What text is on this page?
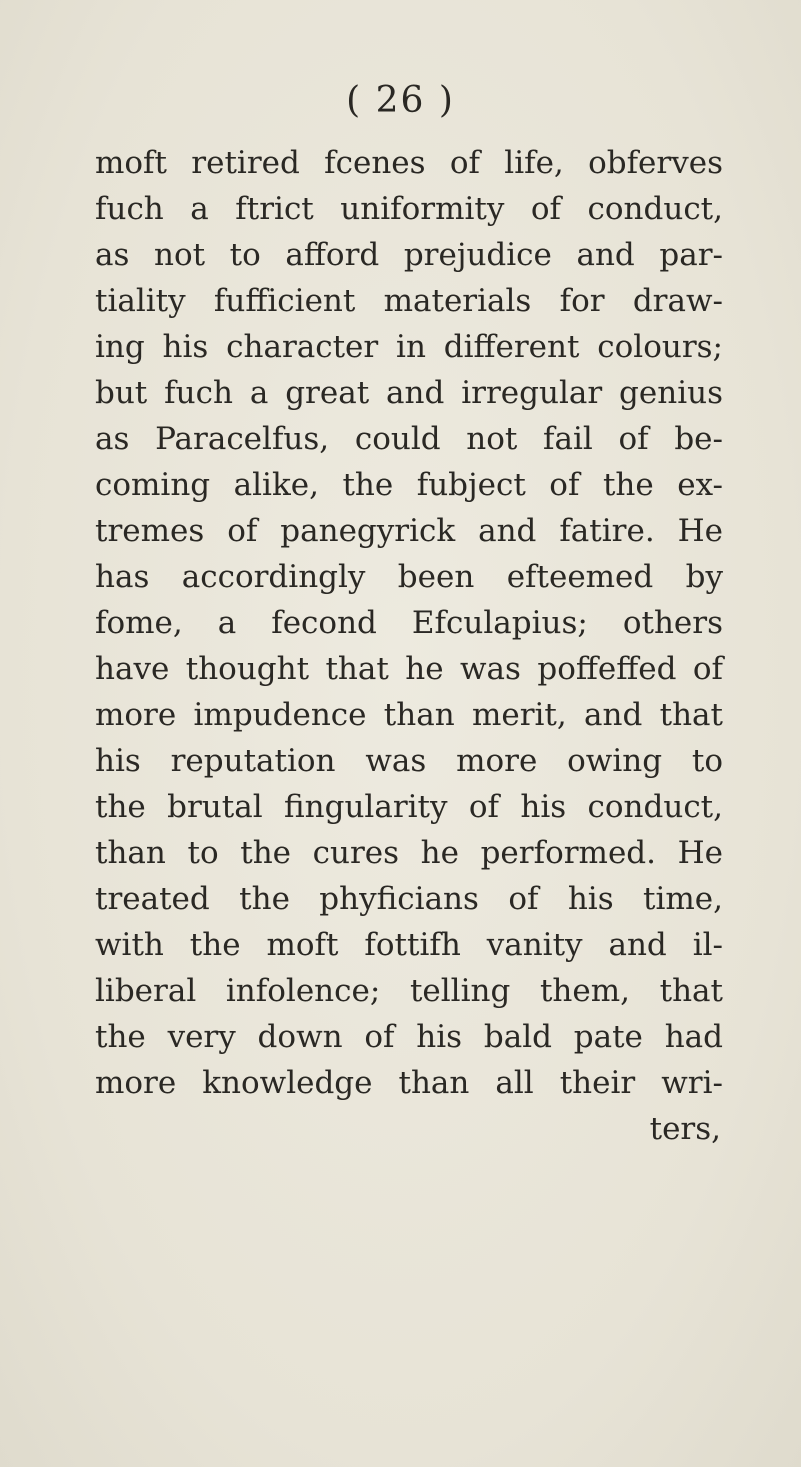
( 26 )
moft retired fcenes of life, obferves
fuch a ftrict uniformity of conduct,
as not to afford prejudice and par-
tiality fufficient materials for draw-
ing his character in different colours;
but fuch a great and irregular genius
as Paracelfus, could not fail of be-
coming alike, the fubject of the ex-
tremes of panegyrick and fatire. He
has accordingly been efteemed by
fome, a fecond Efculapius; others
have thought that he was poffeffed of
more impudence than merit, and that
his reputation was more owing to
the brutal fingularity of his conduct,
than to the cures he performed. He
treated the phyficians of his time,
with the moft fottifh vanity and il-
liberal infolence; telling them, that
the very down of his bald pate had
more knowledge than all their wri-
ters,
